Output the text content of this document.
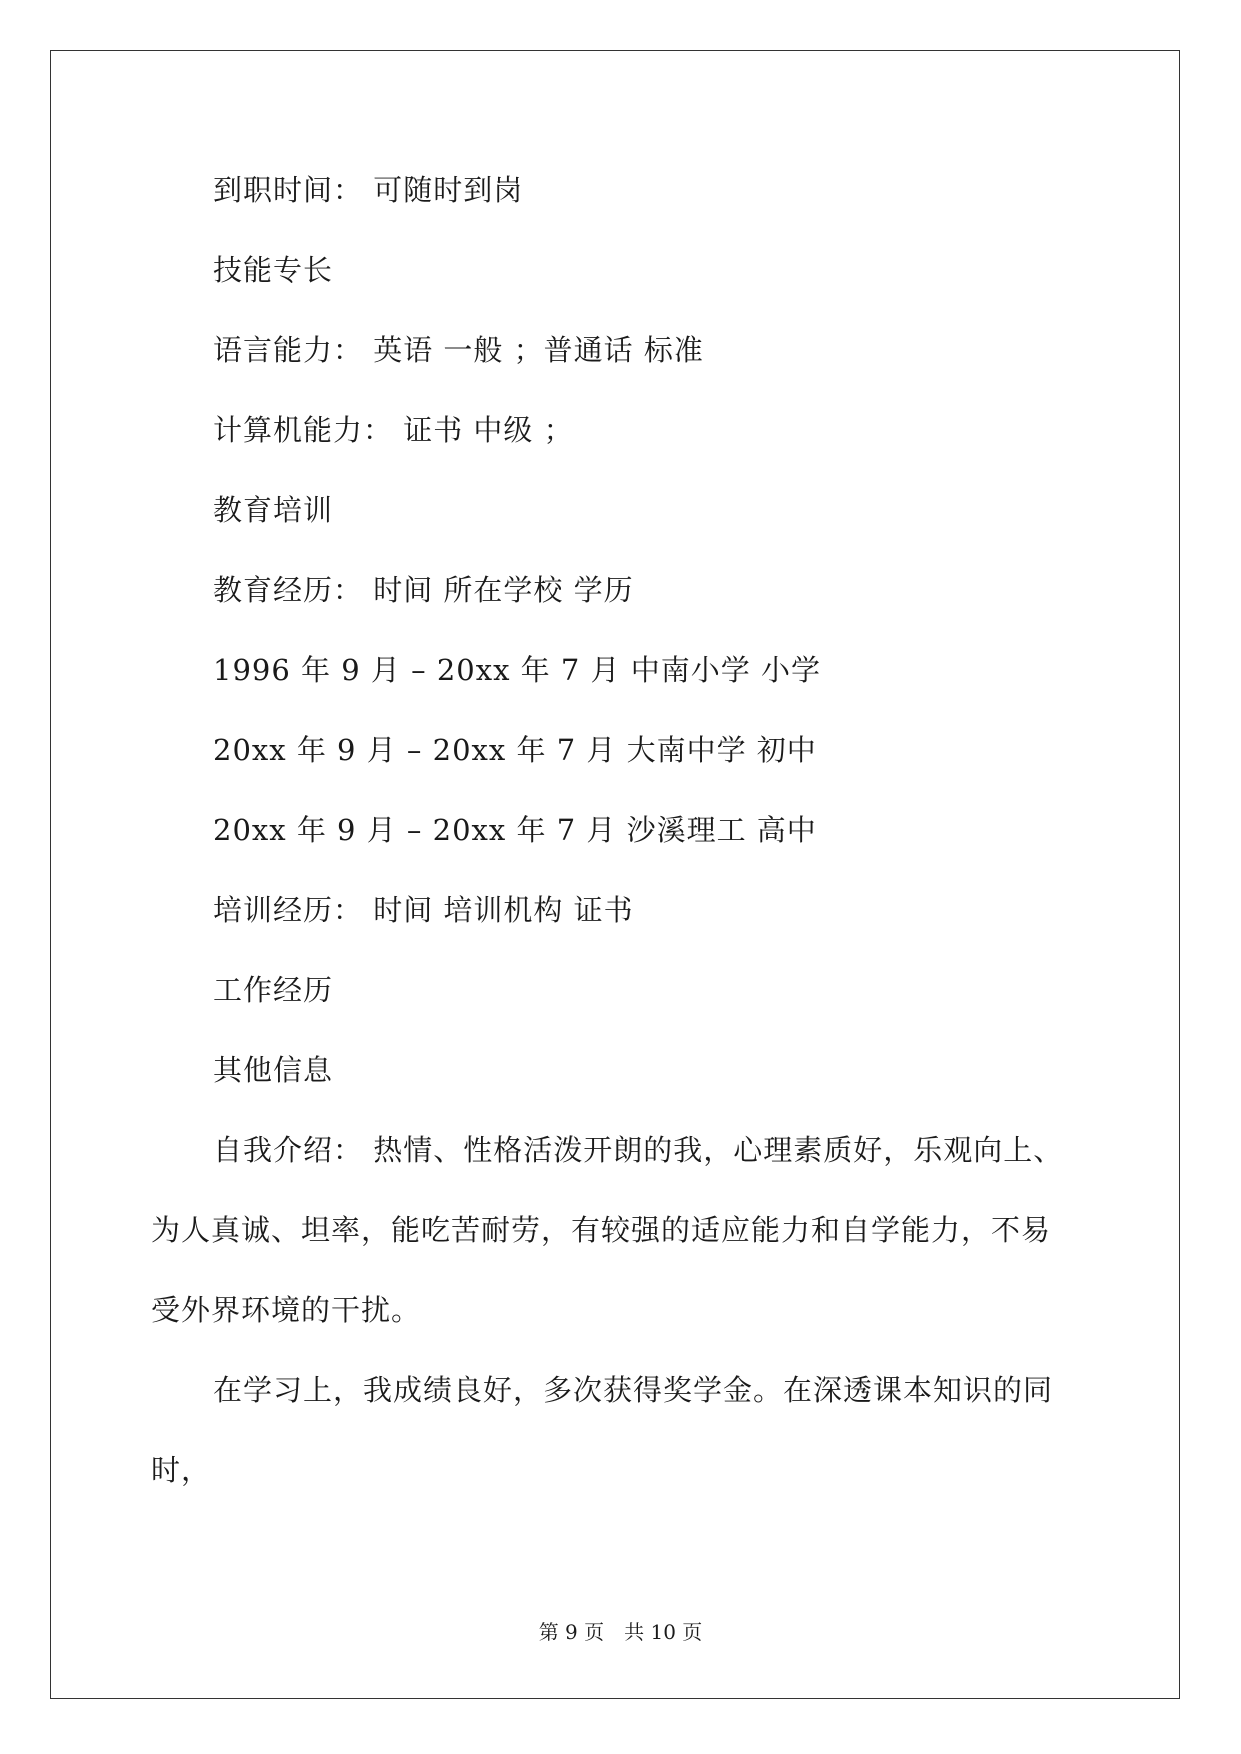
到职时间： 可随时到岗
技能专长
语言能力： 英语 一般 ；普通话 标准
计算机能力： 证书 中级 ；
教育培训
教育经历： 时间 所在学校 学历
1996 年 9 月 – 20xx 年 7 月 中南小学 小学
20xx 年 9 月 – 20xx 年 7 月 大南中学 初中
20xx 年 9 月 – 20xx 年 7 月 沙溪理工 高中
培训经历： 时间 培训机构 证书
工作经历
其他信息
自我介绍： 热情、性格活泼开朗的我，心理素质好，乐观向上、
为人真诚、坦率，能吃苦耐劳，有较强的适应能力和自学能力，不易
受外界环境的干扰。
在学习上，我成绩良好，多次获得奖学金。在深透课本知识的同
时，
第 9 页　共 10 页
